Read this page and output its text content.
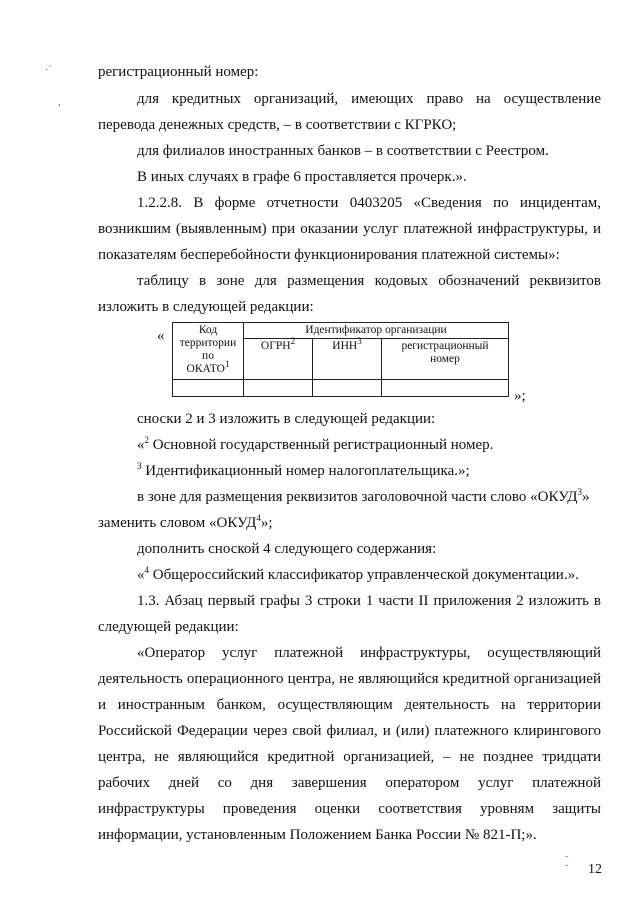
·`
,
регистрационный номер:
для кредитных организаций, имеющих право на осуществление
перевода денежных средств, – в соответствии с КГРКО;
для филиалов иностранных банков – в соответствии с Реестром.
В иных случаях в графе 6 проставляется прочерк.».
1.2.2.8. В форме отчетности 0403205 «Сведения по инцидентам,
возникшим (выявленным) при оказании услуг платежной инфраструктуры, и
показателям бесперебойности функционирования платежной системы»:
таблицу в зоне для размещения кодовых обозначений реквизитов
изложить в следующей редакции:
«	Код
территории
по
ОКАТО$^1$	Идентификатор организации		
	ОГРН$^2$	ИНН$^3$	регистрационный
номер

»;
сноски 2 и 3 изложить в следующей редакции:
«$^2$ Основной государственный регистрационный номер.
$^3$ Идентификационный номер налогоплательщика.»;
в зоне для размещения реквизитов заголовочной части слово «ОКУД$^3$»
заменить словом «ОКУД$^4$»;
дополнить сноской 4 следующего содержания:
«$^4$ Общероссийский классификатор управленческой документации.».
1.3. Абзац первый графы 3 строки 1 части II приложения 2 изложить в
следующей редакции:
«Оператор услуг платежной инфраструктуры, осуществляющий
деятельность операционного центра, не являющийся кредитной организацией
и иностранным банком, осуществляющим деятельность на территории
Российской Федерации через свой филиал, и (или) платежного клирингового
центра, не являющийся кредитной организацией, – не позднее тридцати
рабочих дней со дня завершения оператором услуг платежной
инфраструктуры проведения оценки соответствия уровням защиты
информации, установленным Положением Банка России № 821-П;».
˜
˘ 12
